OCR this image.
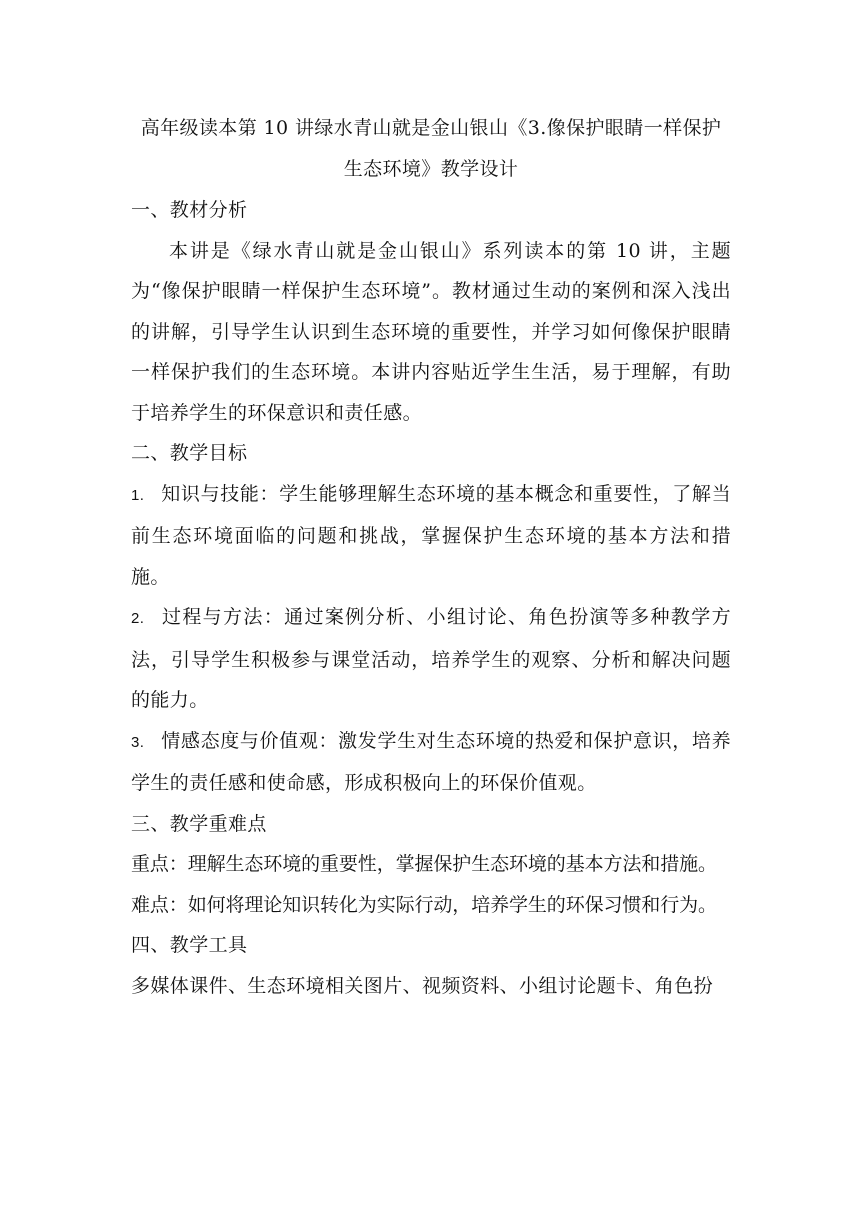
高年级读本第 10 讲绿水青山就是金山银山《3.像保护眼睛一样保护
生态环境》教学设计
一、教材分析

本讲是《绿水青山就是金山银山》系列读本的第 10 讲，主题为“像保护眼睛一样保护生态环境”。教材通过生动的案例和深入浅出的讲解，引导学生认识到生态环境的重要性，并学习如何像保护眼睛一样保护我们的生态环境。本讲内容贴近学生生活，易于理解，有助于培养学生的环保意识和责任感。

二、教学目标

1. 知识与技能：学生能够理解生态环境的基本概念和重要性，了解当前生态环境面临的问题和挑战，掌握保护生态环境的基本方法和措施。

2. 过程与方法：通过案例分析、小组讨论、角色扮演等多种教学方法，引导学生积极参与课堂活动，培养学生的观察、分析和解决问题的能力。

3. 情感态度与价值观：激发学生对生态环境的热爱和保护意识，培养学生的责任感和使命感，形成积极向上的环保价值观。

三、教学重难点

重点：理解生态环境的重要性，掌握保护生态环境的基本方法和措施。

难点：如何将理论知识转化为实际行动，培养学生的环保习惯和行为。

四、教学工具

多媒体课件、生态环境相关图片、视频资料、小组讨论题卡、角色扮
